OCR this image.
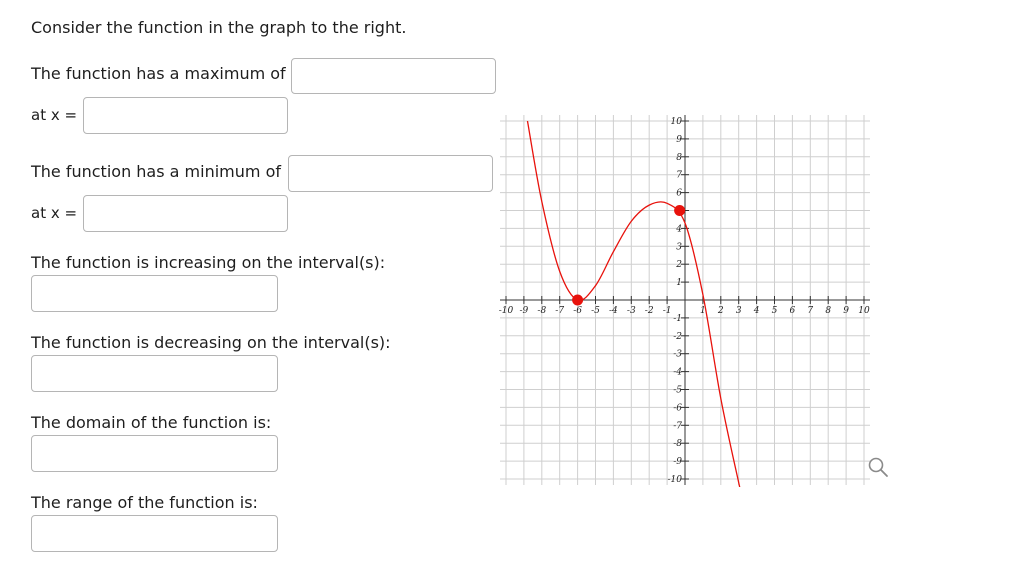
Consider the function in the graph to the right.
The function has a maximum of
at x =
The function has a minimum of
at x =
The function is increasing on the interval(s):
The function is decreasing on the interval(s):
The domain of the function is:
The range of the function is:
-10 -9 -8 -7 -6 -5 -4 -3 -2 -1	1 2 3 4 5 6 7 8 9 10
10
9
8
7
6
4
3
2
1
-1
-2
-3
-4
-5
-6
-7
-8
-9
-10
